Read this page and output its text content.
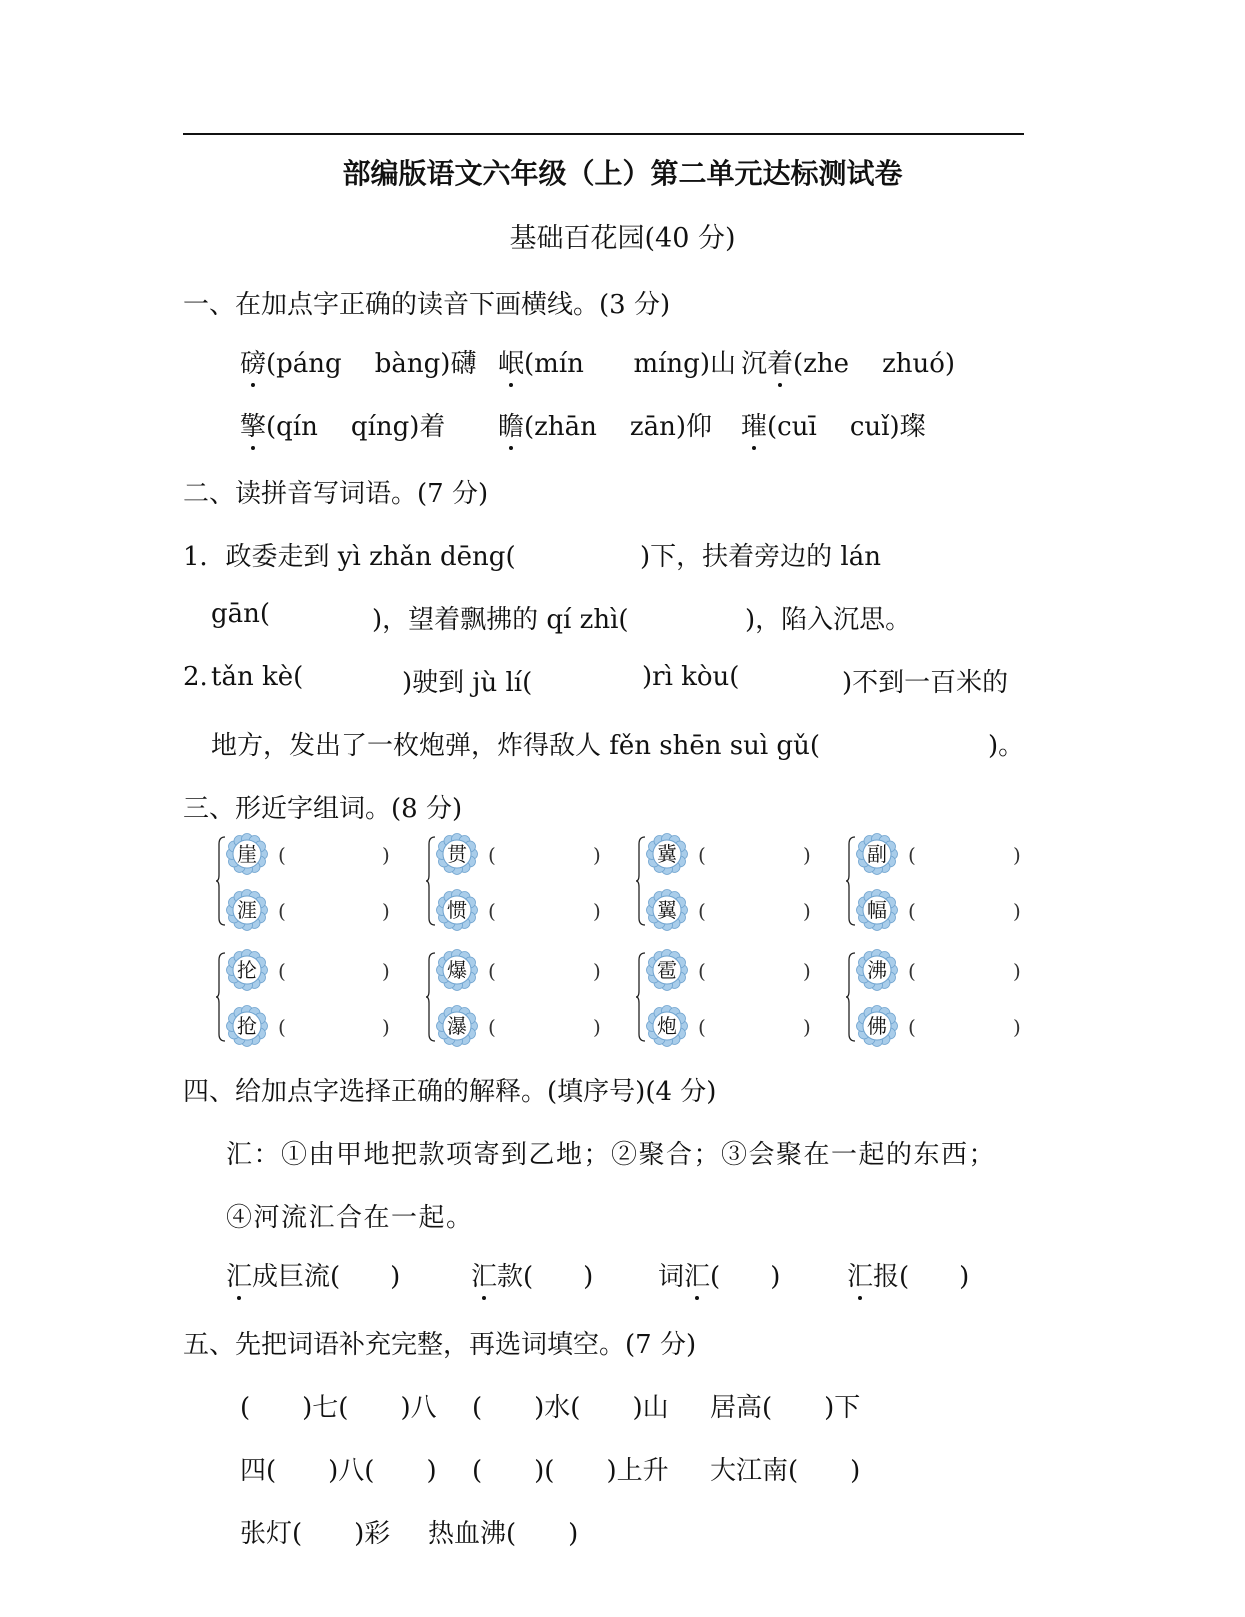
部编版语文六年级（上）第二单元达标测试卷
基础百花园(40 分)
一、在加点字正确的读音下画横线。(3 分)
磅(páng    bàng)礴 岷(mín      míng)山 沉着(zhe    zhuó)
擎(qín    qíng)着 瞻(zhān    zān)仰 璀(cuī    cuǐ)璨
二、读拼音写词语。(7 分)
1．政委走到 yì zhǎn dēng(	)下，扶着旁边的 lán
gān(	)，望着飘拂的 qí zhì(	)，陷入沉思。
2. tǎn kè(	)驶到 jù lí(	)rì kòu(	)不到一百米的
地方，发出了一枚炮弹，炸得敌人 fěn shēn suì gǔ(	)。
三、形近字组词。(8 分)
崖	(	)
涯	(	)
贯	(	)
惯	(	)
冀	(	)
翼	(	)
副	(	)
幅	(	)
抡	(	)
抢	(	)
爆	(	)
瀑	(	)
雹	(	)
炮	(	)
沸	(	)
佛	(	)
四、给加点字选择正确的解释。(填序号)(4 分)
汇：①由甲地把款项寄到乙地；②聚合；③会聚在一起的东西；
④河流汇合在一起。
汇成巨流( )	汇款( ) 词汇( )	汇报( )
五、先把词语补充完整，再选词填空。(7 分)
( )七( )八 ( )水( )山 居高( )下
四( )八( ) ( )( )上升 大江南( )
张灯( )彩 热血沸( )
